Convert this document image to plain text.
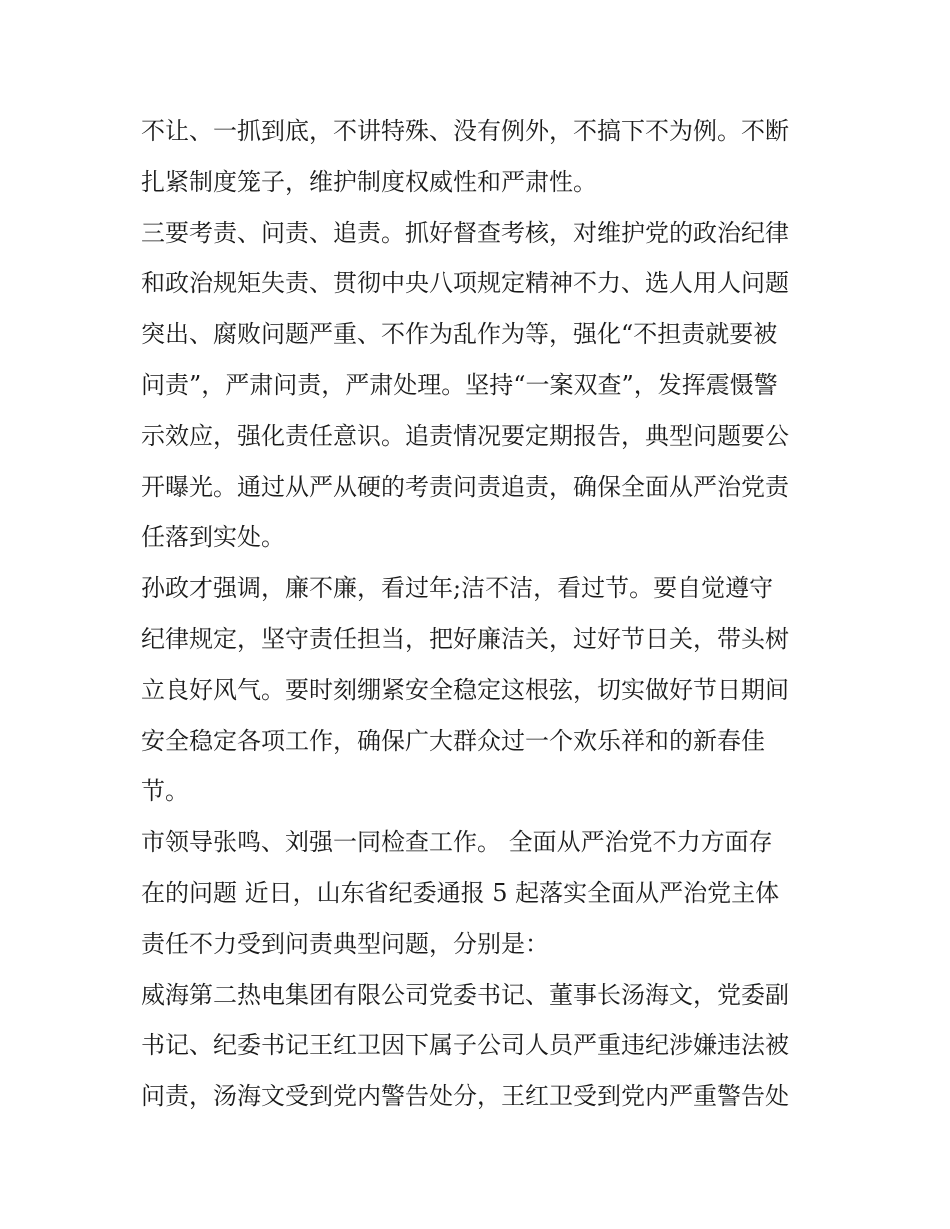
不让、一抓到底，不讲特殊、没有例外，不搞下不为例。不断
扎紧制度笼子，维护制度权威性和严肃性。
三要考责、问责、追责。抓好督查考核，对维护党的政治纪律
和政治规矩失责、贯彻中央八项规定精神不力、选人用人问题
突出、腐败问题严重、不作为乱作为等，强化“不担责就要被
问责”，严肃问责，严肃处理。坚持“一案双查”，发挥震慑警
示效应，强化责任意识。追责情况要定期报告，典型问题要公
开曝光。通过从严从硬的考责问责追责，确保全面从严治党责
任落到实处。
孙政才强调，廉不廉，看过年;洁不洁，看过节。要自觉遵守
纪律规定，坚守责任担当，把好廉洁关，过好节日关，带头树
立良好风气。要时刻绷紧安全稳定这根弦，切实做好节日期间
安全稳定各项工作，确保广大群众过一个欢乐祥和的新春佳
节。
市领导张鸣、刘强一同检查工作。 全面从严治党不力方面存
在的问题 近日，山东省纪委通报 5 起落实全面从严治党主体
责任不力受到问责典型问题，分别是：
威海第二热电集团有限公司党委书记、董事长汤海文，党委副
书记、纪委书记王红卫因下属子公司人员严重违纪涉嫌违法被
问责，汤海文受到党内警告处分，王红卫受到党内严重警告处
